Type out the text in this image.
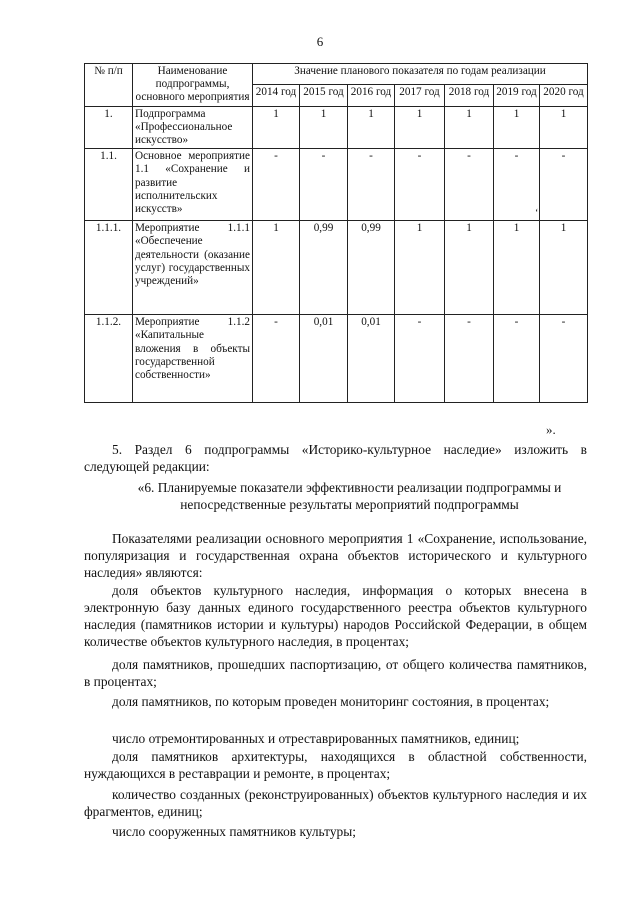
6
№ п/п	Наименование подпрограммы, основного мероприятия	Значение планового показателя по годам реализации						
		2014 год	2015 год	2016 год	2017 год	2018 год	2019 год	2020 год
1.	Подпрограмма «Профессиональное искусство»	1	1	1	1	1	1	1
1.1.	Основное мероприятие 1.1 «Сохранение и развитие исполнительских искусств»	-	-	-	-	-	-	-
1.1.1.	Мероприятие 1.1.1 «Обеспечение деятельности (оказание услуг) государственных учреждений»	1	0,99	0,99	1	1	1	1
1.1.2.	Мероприятие 1.1.2 «Капитальные вложения в объекты государственной собственности»	-	0,01	0,01	-	-	-	-
‘
».

5. Раздел 6 подпрограммы «Историко-культурное наследие» изложить в следующей редакции:

«6. Планируемые показатели эффективности реализации подпрограммы и непосредственные результаты мероприятий подпрограммы

Показателями реализации основного мероприятия 1 «Сохранение, использование, популяризация и государственная охрана объектов исторического и культурного наследия» являются:

доля объектов культурного наследия, информация о которых внесена в электронную базу данных единого государственного реестра объектов культурного наследия (памятников истории и культуры) народов Российской Федерации, в общем количестве объектов культурного наследия, в процентах;

доля памятников, прошедших паспортизацию, от общего количества памятников, в процентах;

доля памятников, по которым проведен мониторинг состояния, в процентах;

число отремонтированных и отреставрированных памятников, единиц;

доля памятников архитектуры, находящихся в областной собственности, нуждающихся в реставрации и ремонте, в процентах;

количество созданных (реконструированных) объектов культурного наследия и их фрагментов, единиц;

число сооруженных памятников культуры;
